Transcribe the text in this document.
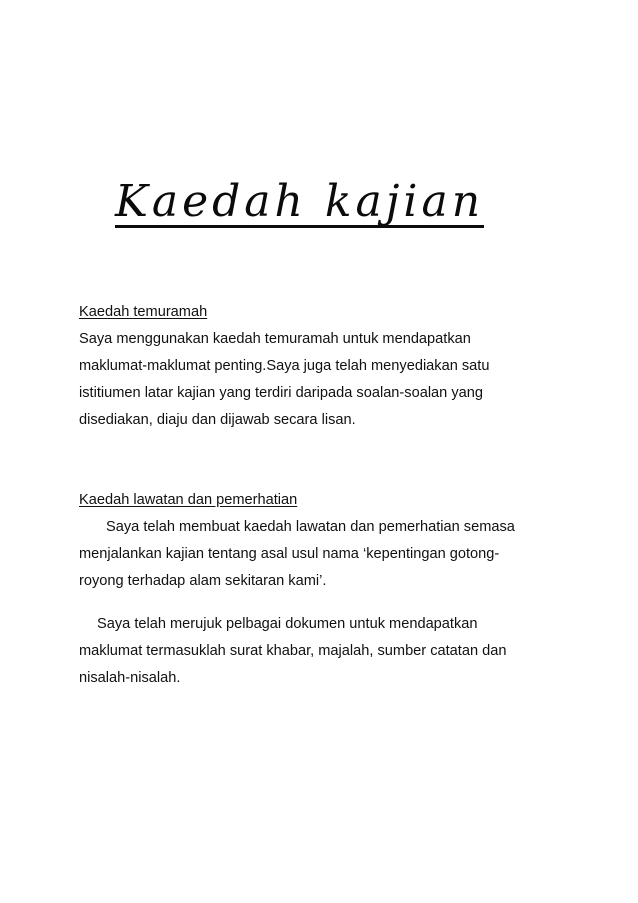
Kaedah kajian

Kaedah temuramah

Saya menggunakan kaedah temuramah untuk mendapatkan

maklumat-maklumat penting.Saya juga telah menyediakan satu

istitiumen latar kajian yang terdiri daripada soalan-soalan yang

disediakan, diaju dan dijawab secara lisan.

Kaedah lawatan dan pemerhatian

Saya telah membuat kaedah lawatan dan pemerhatian semasa

menjalankan kajian tentang asal usul nama ‘kepentingan gotong-

royong terhadap alam sekitaran kami’.

Saya telah merujuk pelbagai dokumen untuk mendapatkan

maklumat termasuklah surat khabar, majalah, sumber catatan dan

nisalah-nisalah.
